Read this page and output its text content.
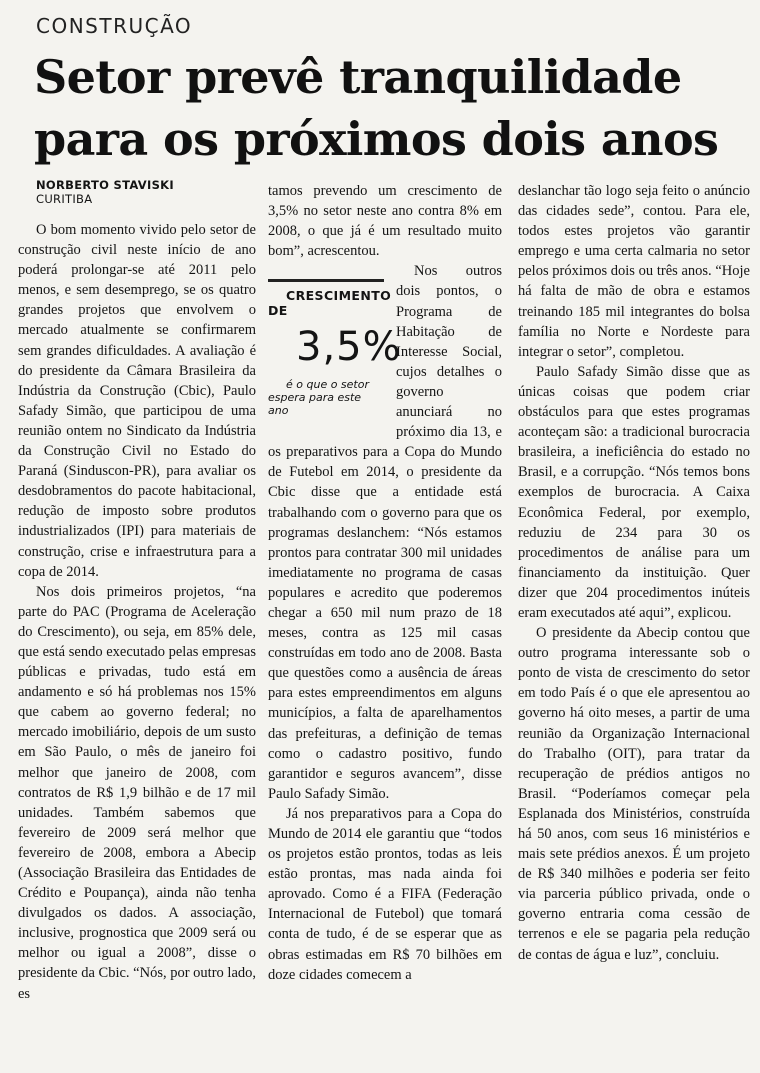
CONSTRUÇÃO
Setor prevê tranquilidade para os próximos dois anos
NORBERTO STAVISKI
CURITIBA

O bom momento vivido pelo setor de construção civil neste início de ano poderá prolongar-se até 2011 pelo menos, e sem desemprego, se os quatro grandes projetos que envolvem o mercado atualmente se confirmarem sem grandes dificuldades. A avaliação é do presidente da Câmara Brasileira da Indústria da Construção (Cbic), Paulo Safady Simão, que participou de uma reunião ontem no Sindicato da Indústria da Construção Civil no Estado do Paraná (Sinduscon-PR), para avaliar os desdobramentos do pacote habitacional, redução de imposto sobre produtos industrializados (IPI) para materiais de construção, crise e infraestrutura para a copa de 2014.

Nos dois primeiros projetos, “na parte do PAC (Programa de Aceleração do Crescimento), ou seja, em 85% dele, que está sendo executado pelas empresas públicas e privadas, tudo está em andamento e só há problemas nos 15% que cabem ao governo federal; no mercado imobiliário, depois de um susto em São Paulo, o mês de janeiro foi melhor que janeiro de 2008, com contratos de R$ 1,9 bilhão e de 17 mil unidades. Também sabemos que fevereiro de 2009 será melhor que fevereiro de 2008, embora a Abecip (Associação Brasileira das Entidades de Crédito e Poupança), ainda não tenha divulgados os dados. A associação, inclusive, prognostica que 2009 será ou melhor ou igual a 2008”, disse o presidente da Cbic. “Nós, por outro lado, es

tamos prevendo um crescimento de 3,5% no setor neste ano contra 8% em 2008, o que já é um resultado muito bom”, acrescentou.

CRESCIMENTO DE
3,5%
é o que o setor espera para este ano
Nos outros dois pontos, o Programa de Habitação de Interesse Social, cujos detalhes o governo anunciará no próximo dia 13, e os preparativos para a Copa do Mundo de Futebol em 2014, o presidente da Cbic disse que a entidade está trabalhando com o governo para que os programas deslanchem: “Nós estamos prontos para contratar 300 mil unidades imediatamente no programa de casas populares e acredito que poderemos chegar a 650 mil num prazo de 18 meses, contra as 125 mil casas construídas em todo ano de 2008. Basta que questões como a ausência de áreas para estes empreendimentos em alguns municípios, a falta de aparelhamentos das prefeituras, a definição de temas como o cadastro positivo, fundo garantidor e seguros avancem”, disse Paulo Safady Simão.

Já nos preparativos para a Copa do Mundo de 2014 ele garantiu que “todos os projetos estão prontos, todas as leis estão prontas, mas nada ainda foi aprovado. Como é a FIFA (Federação Internacional de Futebol) que tomará conta de tudo, é de se esperar que as obras estimadas em R$ 70 bilhões em doze cidades comecem a

deslanchar tão logo seja feito o anúncio das cidades sede”, contou. Para ele, todos estes projetos vão garantir emprego e uma certa calmaria no setor pelos próximos dois ou três anos. “Hoje há falta de mão de obra e estamos treinando 185 mil integrantes do bolsa família no Norte e Nordeste para integrar o setor”, completou.

Paulo Safady Simão disse que as únicas coisas que podem criar obstáculos para que estes programas aconteçam são: a tradicional burocracia brasileira, a ineficiência do estado no Brasil, e a corrupção. “Nós temos bons exemplos de burocracia. A Caixa Econômica Federal, por exemplo, reduziu de 234 para 30 os procedimentos de análise para um financiamento da instituição. Quer dizer que 204 procedimentos inúteis eram executados até aqui”, explicou.

O presidente da Abecip contou que outro programa interessante sob o ponto de vista de crescimento do setor em todo País é o que ele apresentou ao governo há oito meses, a partir de uma reunião da Organização Internacional do Trabalho (OIT), para tratar da recuperação de prédios antigos no Brasil. “Poderíamos começar pela Esplanada dos Ministérios, construída há 50 anos, com seus 16 ministérios e mais sete prédios anexos. É um projeto de R$ 340 milhões e poderia ser feito via parceria público privada, onde o governo entraria coma cessão de terrenos e ele se pagaria pela redução de contas de água e luz”, concluiu.
